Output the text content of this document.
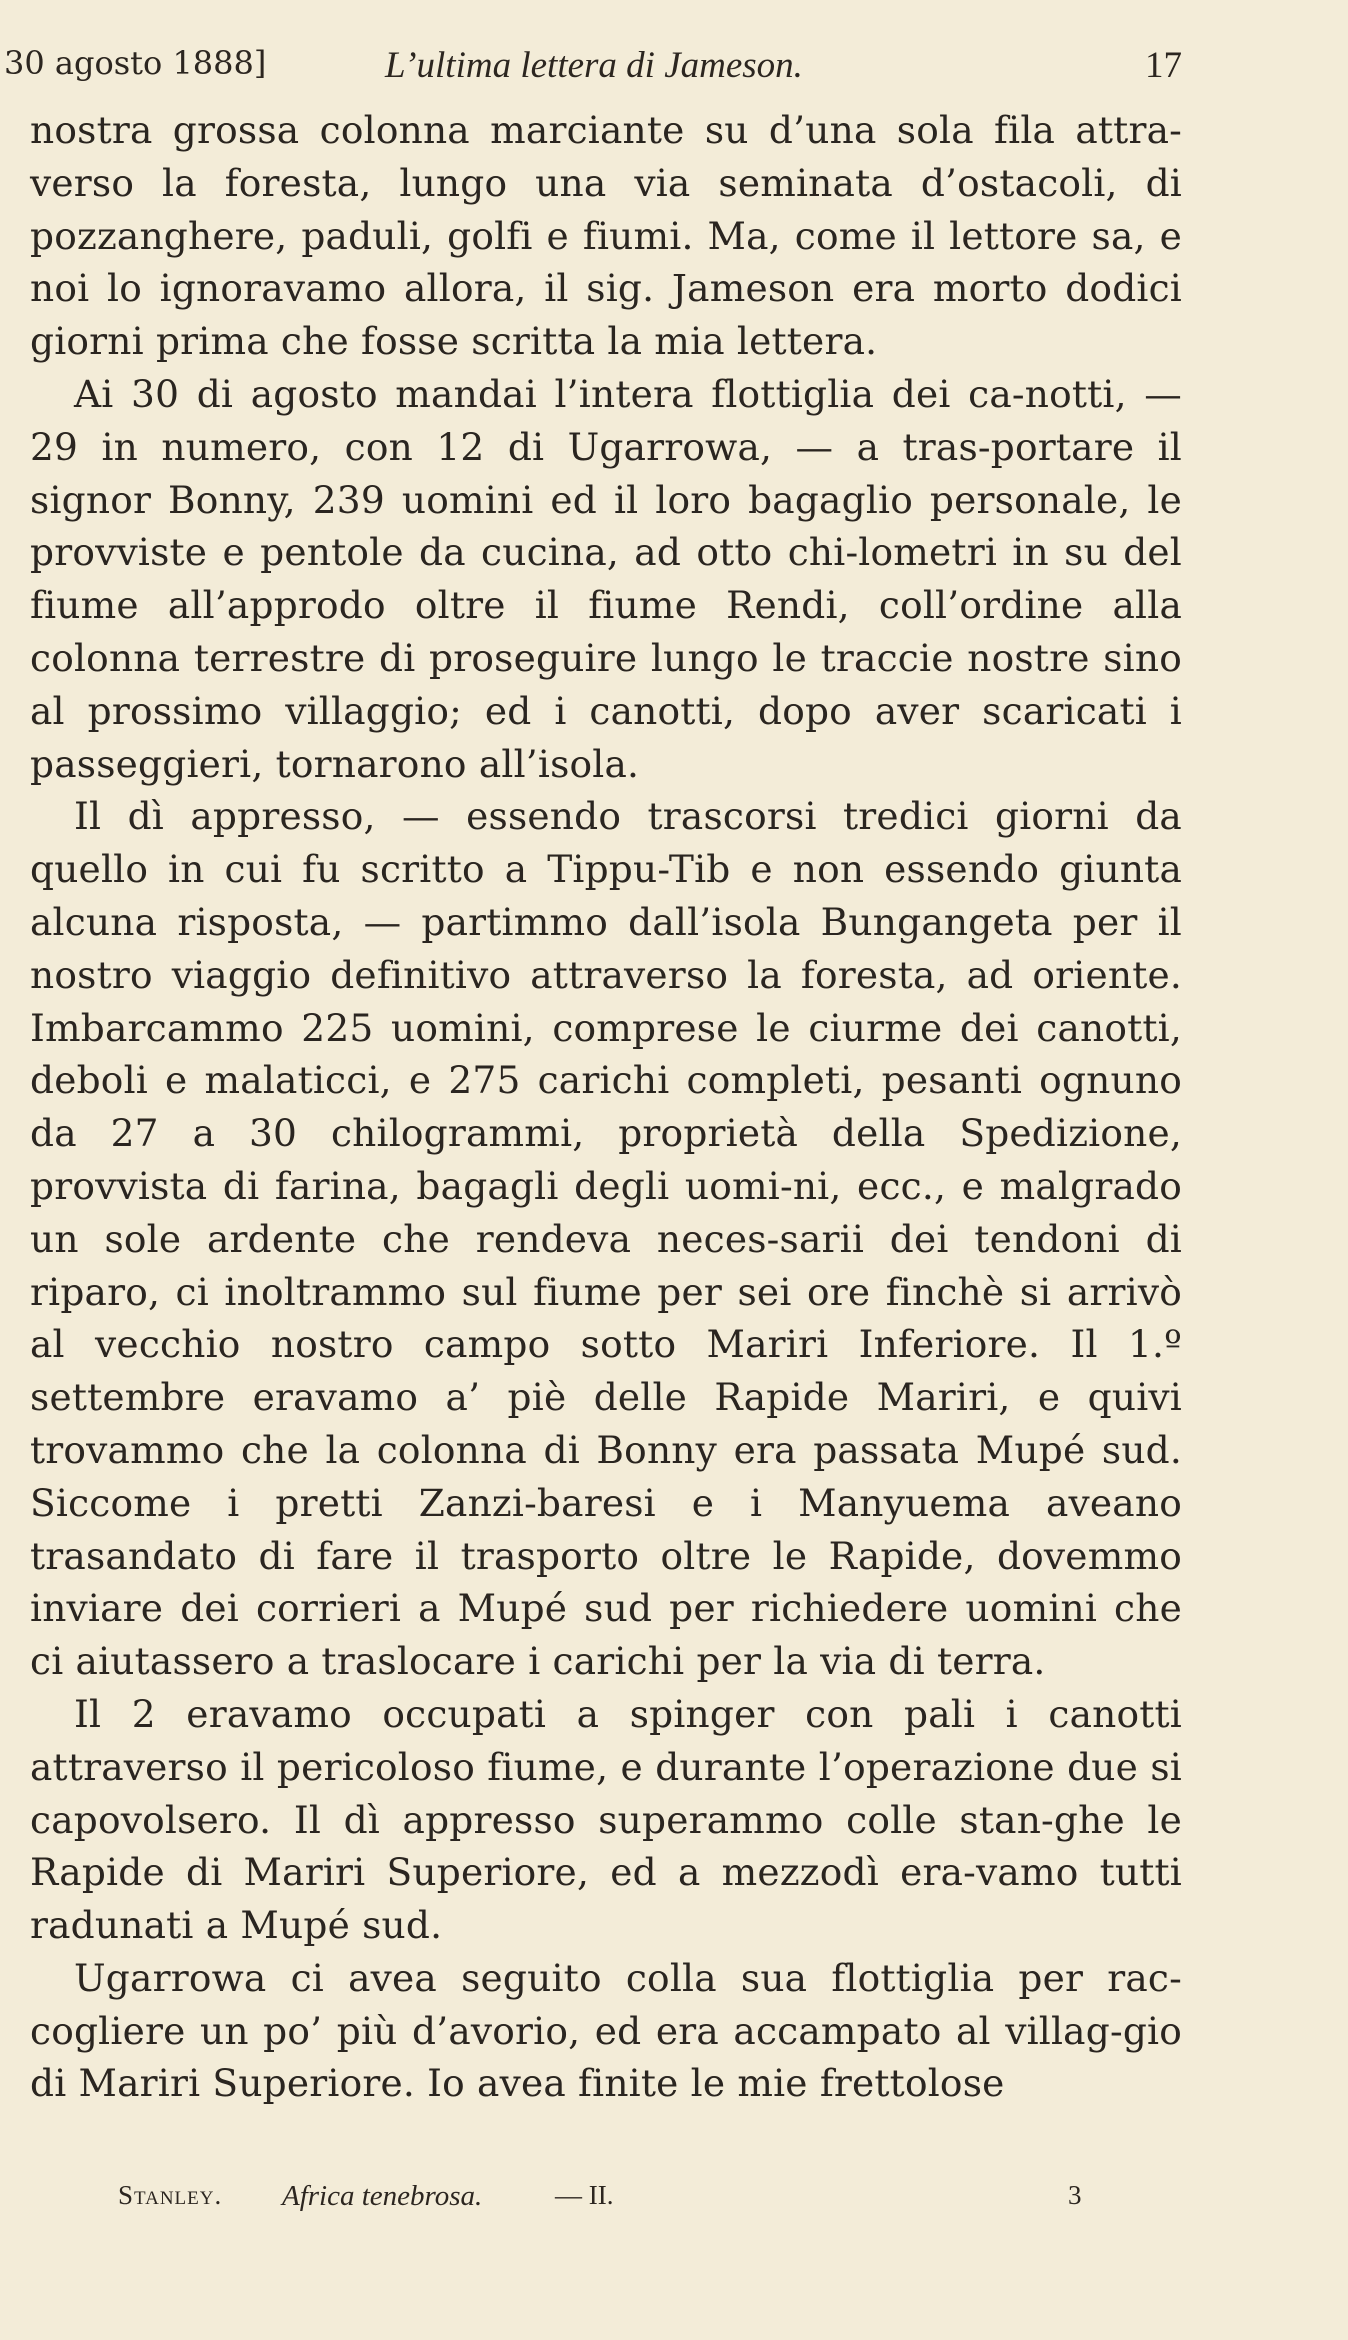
30 agosto 1888]	L’ultima lettera di Jameson.	17

nostra grossa colonna marciante su d’una sola fila attra-verso la foresta, lungo una via seminata d’ostacoli, di pozzanghere, paduli, golfi e fiumi. Ma, come il lettore sa, e noi lo ignoravamo allora, il sig. Jameson era morto dodici giorni prima che fosse scritta la mia lettera.

Ai 30 di agosto mandai l’intera flottiglia dei ca-notti, — 29 in numero, con 12 di Ugarrowa, — a tras-portare il signor Bonny, 239 uomini ed il loro bagaglio personale, le provviste e pentole da cucina, ad otto chi-lometri in su del fiume all’approdo oltre il fiume Rendi, coll’ordine alla colonna terrestre di proseguire lungo le traccie nostre sino al prossimo villaggio; ed i canotti, dopo aver scaricati i passeggieri, tornarono all’isola.

Il dì appresso, — essendo trascorsi tredici giorni da quello in cui fu scritto a Tippu-Tib e non essendo giunta alcuna risposta, — partimmo dall’isola Bungangeta per il nostro viaggio definitivo attraverso la foresta, ad oriente. Imbarcammo 225 uomini, comprese le ciurme dei canotti, deboli e malaticci, e 275 carichi completi, pesanti ognuno da 27 a 30 chilogrammi, proprietà della Spedizione, provvista di farina, bagagli degli uomi-ni, ecc., e malgrado un sole ardente che rendeva neces-sarii dei tendoni di riparo, ci inoltrammo sul fiume per sei ore finchè si arrivò al vecchio nostro campo sotto Mariri Inferiore. Il 1.º settembre eravamo a’ piè delle Rapide Mariri, e quivi trovammo che la colonna di Bonny era passata Mupé sud. Siccome i pretti Zanzi-baresi e i Manyuema aveano trasandato di fare il trasporto oltre le Rapide, dovemmo inviare dei corrieri a Mupé sud per richiedere uomini che ci aiutassero a traslocare i carichi per la via di terra.

Il 2 eravamo occupati a spinger con pali i canotti attraverso il pericoloso fiume, e durante l’operazione due si capovolsero. Il dì appresso superammo colle stan-ghe le Rapide di Mariri Superiore, ed a mezzodì era-vamo tutti radunati a Mupé sud.

Ugarrowa ci avea seguito colla sua flottiglia per rac-cogliere un po’ più d’avorio, ed era accampato al villag-gio di Mariri Superiore. Io avea finite le mie frettolose

Stanley. Africa tenebrosa.	— II.	3
